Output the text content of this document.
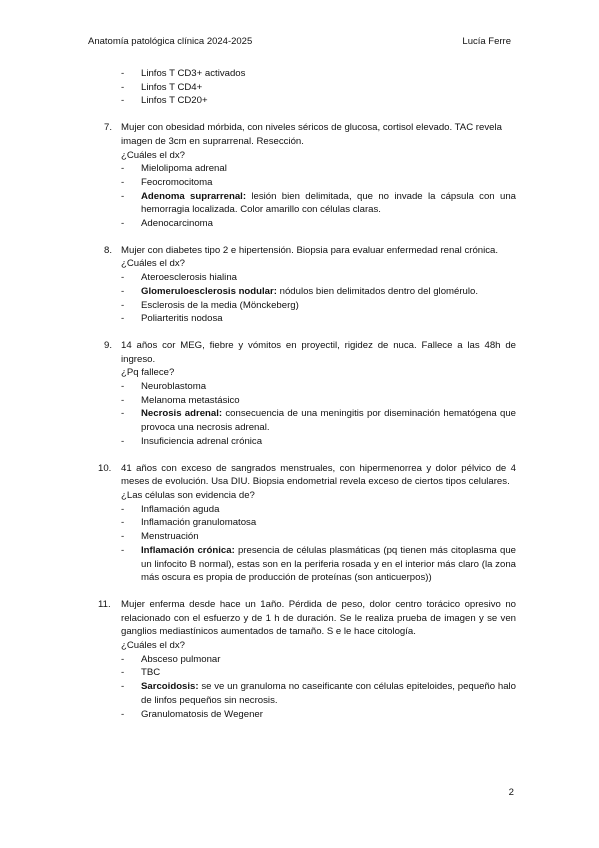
Anatomía patológica clínica 2024-2025	Lucía Ferre
- Linfos T CD3+ activados
- Linfos T CD4+
- Linfos T CD20+
7. Mujer con obesidad mórbida, con niveles séricos de glucosa, cortisol elevado. TAC revela imagen de 3cm en suprarrenal. Resección.
¿Cuáles el dx?
- Mielolipoma adrenal
- Feocromocitoma
- Adenoma suprarrenal: lesión bien delimitada, que no invade la cápsula con una hemorragia localizada. Color amarillo con células claras.
- Adenocarcinoma
8. Mujer con diabetes tipo 2 e hipertensión. Biopsia para evaluar enfermedad renal crónica.
¿Cuáles el dx?
- Ateroesclerosis hialina
- Glomeruloesclerosis nodular: nódulos bien delimitados dentro del glomérulo.
- Esclerosis de la media (Mönckeberg)
- Poliarteritis nodosa
9. 14 años cor MEG, fiebre y vómitos en proyectil, rigidez de nuca. Fallece a las 48h de ingreso.
¿Pq fallece?
- Neuroblastoma
- Melanoma metastásico
- Necrosis adrenal: consecuencia de una meningitis por diseminación hematógena que provoca una necrosis adrenal.
- Insuficiencia adrenal crónica
10. 41 años con exceso de sangrados menstruales, con hipermenorrea y dolor pélvico de 4 meses de evolución. Usa DIU. Biopsia endometrial revela exceso de ciertos tipos celulares.
¿Las células son evidencia de?
- Inflamación aguda
- Inflamación granulomatosa
- Menstruación
- Inflamación crónica: presencia de células plasmáticas (pq tienen más citoplasma que un linfocito B normal), estas son en la periferia rosada y en el interior más claro (la zona más oscura es propia de producción de proteínas (son anticuerpos))
11. Mujer enferma desde hace un 1año. Pérdida de peso, dolor centro torácico opresivo no relacionado con el esfuerzo y de 1 h de duración. Se le realiza prueba de imagen y se ven ganglios mediastínicos aumentados de tamaño. S e le hace citología.
¿Cuáles el dx?
- Absceso pulmonar
- TBC
- Sarcoidosis: se ve un granuloma no caseificante con células epiteloides, pequeño halo de linfos pequeños sin necrosis.
- Granulomatosis de Wegener
2
